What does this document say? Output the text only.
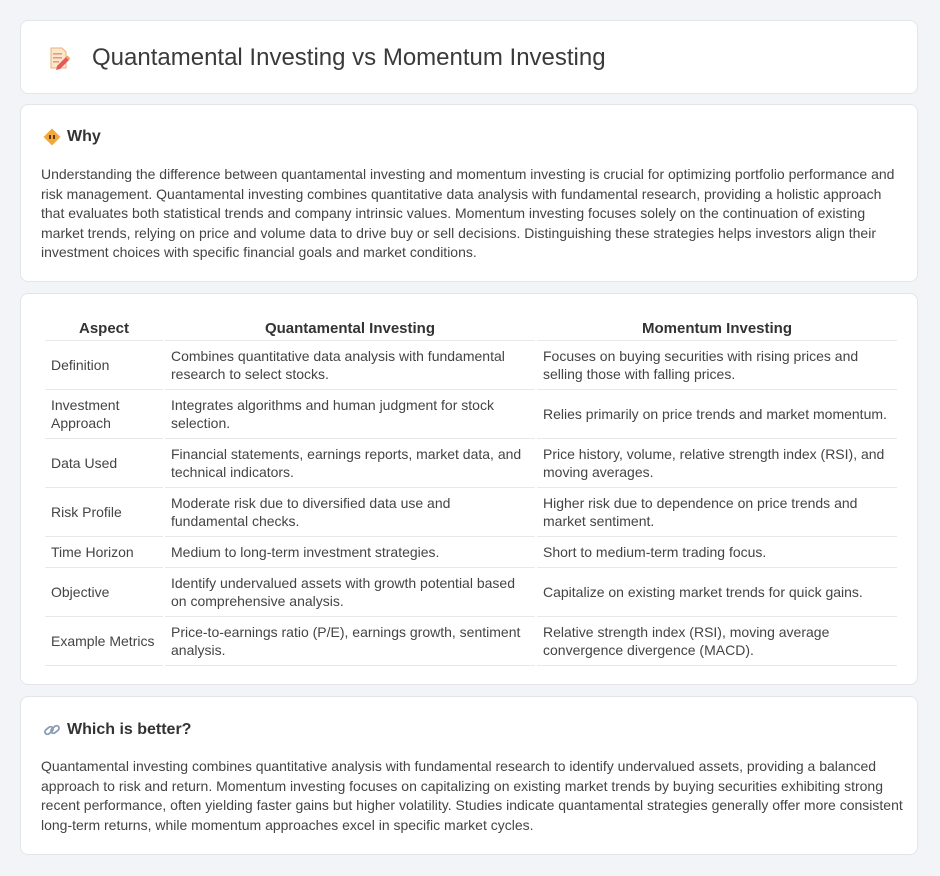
Quantamental Investing vs Momentum Investing
Why

Understanding the difference between quantamental investing and momentum investing is crucial for optimizing portfolio performance and risk management. Quantamental investing combines quantitative data analysis with fundamental research, providing a holistic approach that evaluates both statistical trends and company intrinsic values. Momentum investing focuses solely on the continuation of existing market trends, relying on price and volume data to drive buy or sell decisions. Distinguishing these strategies helps investors align their investment choices with specific financial goals and market conditions.

Aspect	Quantamental Investing	Momentum Investing
Definition	Combines quantitative data analysis with fundamental research to select stocks.	Focuses on buying securities with rising prices and selling those with falling prices.
Investment Approach	Integrates algorithms and human judgment for stock selection.	Relies primarily on price trends and market momentum.
Data Used	Financial statements, earnings reports, market data, and technical indicators.	Price history, volume, relative strength index (RSI), and moving averages.
Risk Profile	Moderate risk due to diversified data use and fundamental checks.	Higher risk due to dependence on price trends and market sentiment.
Time Horizon	Medium to long-term investment strategies.	Short to medium-term trading focus.
Objective	Identify undervalued assets with growth potential based on comprehensive analysis.	Capitalize on existing market trends for quick gains.
Example Metrics	Price-to-earnings ratio (P/E), earnings growth, sentiment analysis.	Relative strength index (RSI), moving average convergence divergence (MACD).
Which is better?

Quantamental investing combines quantitative analysis with fundamental research to identify undervalued assets, providing a balanced approach to risk and return. Momentum investing focuses on capitalizing on existing market trends by buying securities exhibiting strong recent performance, often yielding faster gains but higher volatility. Studies indicate quantamental strategies generally offer more consistent long-term returns, while momentum approaches excel in specific market cycles.
